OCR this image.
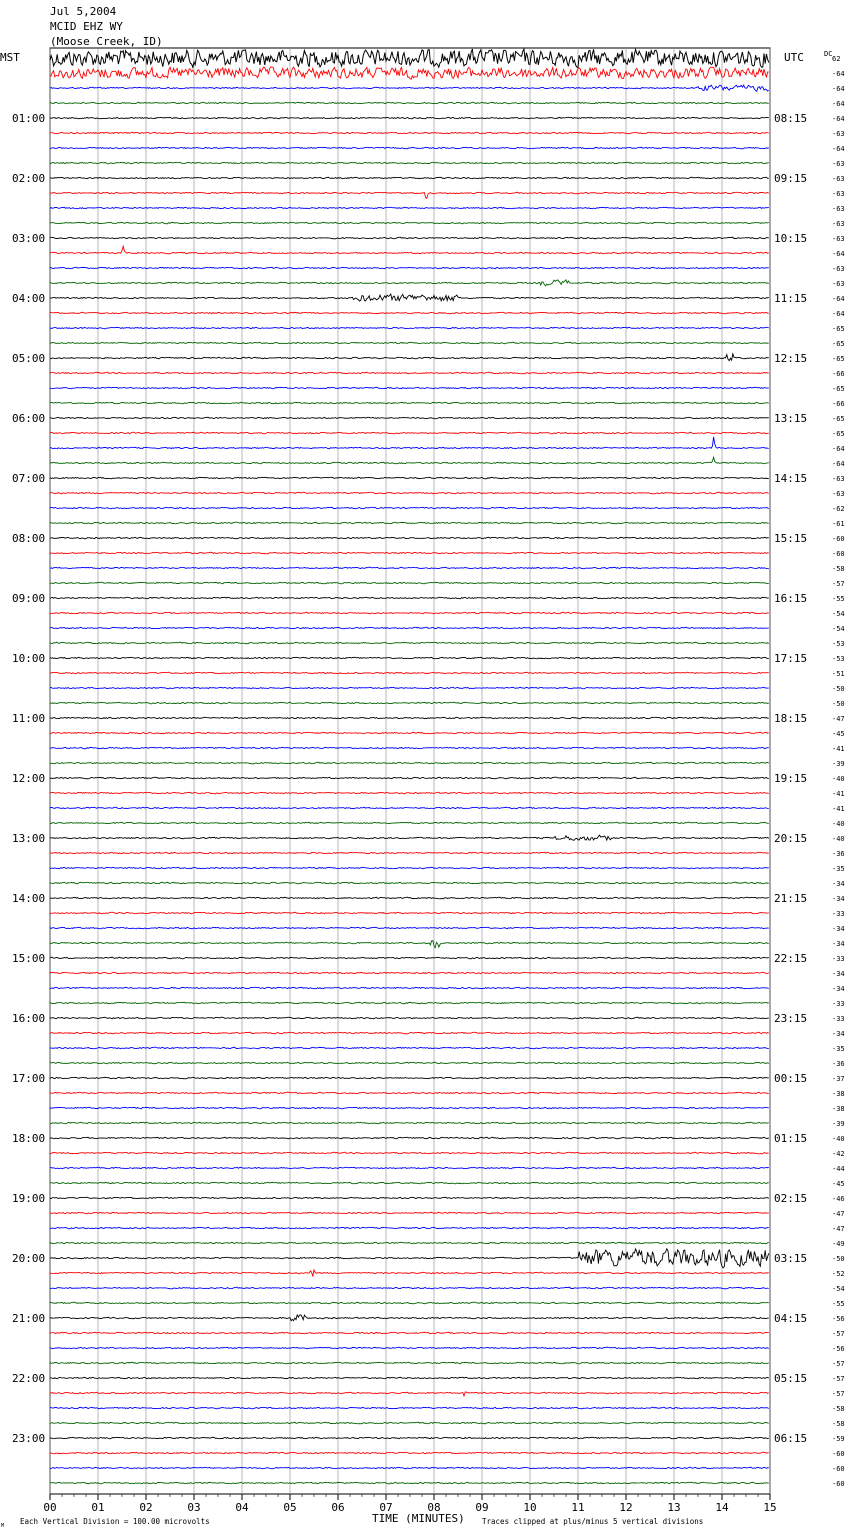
Jul 5,2004
MCID EHZ WY
(Moose Creek, ID)
MST	UTC	DC
TIME (MINUTES)
Each Vertical Division = 100.00 microvolts	Traces clipped at plus/minus 5 vertical divisions
M
00	01	02	03	04	05	06	07	08	09	10	11	12	13	14	15
62
-64
-64
-64
-64
-63
-64
-63
-63
-63
-63
-63
-63
-64
-63
-63
-64
-64
-65
-65
-65
-66
-65
-66
-65
-65
-64
-64
-63
-63
-62
-61
-60
-60
-58
-57
-55
-54
-54
-53
-53
-51
-50
-50
-47
-45
-41
-39
-40
-41
-41
-40
-40
-36
-35
-34
-34
-33
-34
-34
-33
-34
-34
-33
-33
-34
-35
-36
-37
-38
-38
-39
-40
-42
-44
-45
-46
-47
-47
-49
-50
-52
-54
-55
-56
-57
-56
-57
-57
-57
-58
-58
-59
-60
-60
-60
01:00
02:00
03:00
04:00
05:00
06:00
07:00
08:00
09:00
10:00
11:00
12:00
13:00
14:00
15:00
16:00
17:00
18:00
19:00
20:00
21:00
22:00
23:00
08:15
09:15
10:15
11:15
12:15
13:15
14:15
15:15
16:15
17:15
18:15
19:15
20:15
21:15
22:15
23:15
00:15
01:15
02:15
03:15
04:15
05:15
06:15
